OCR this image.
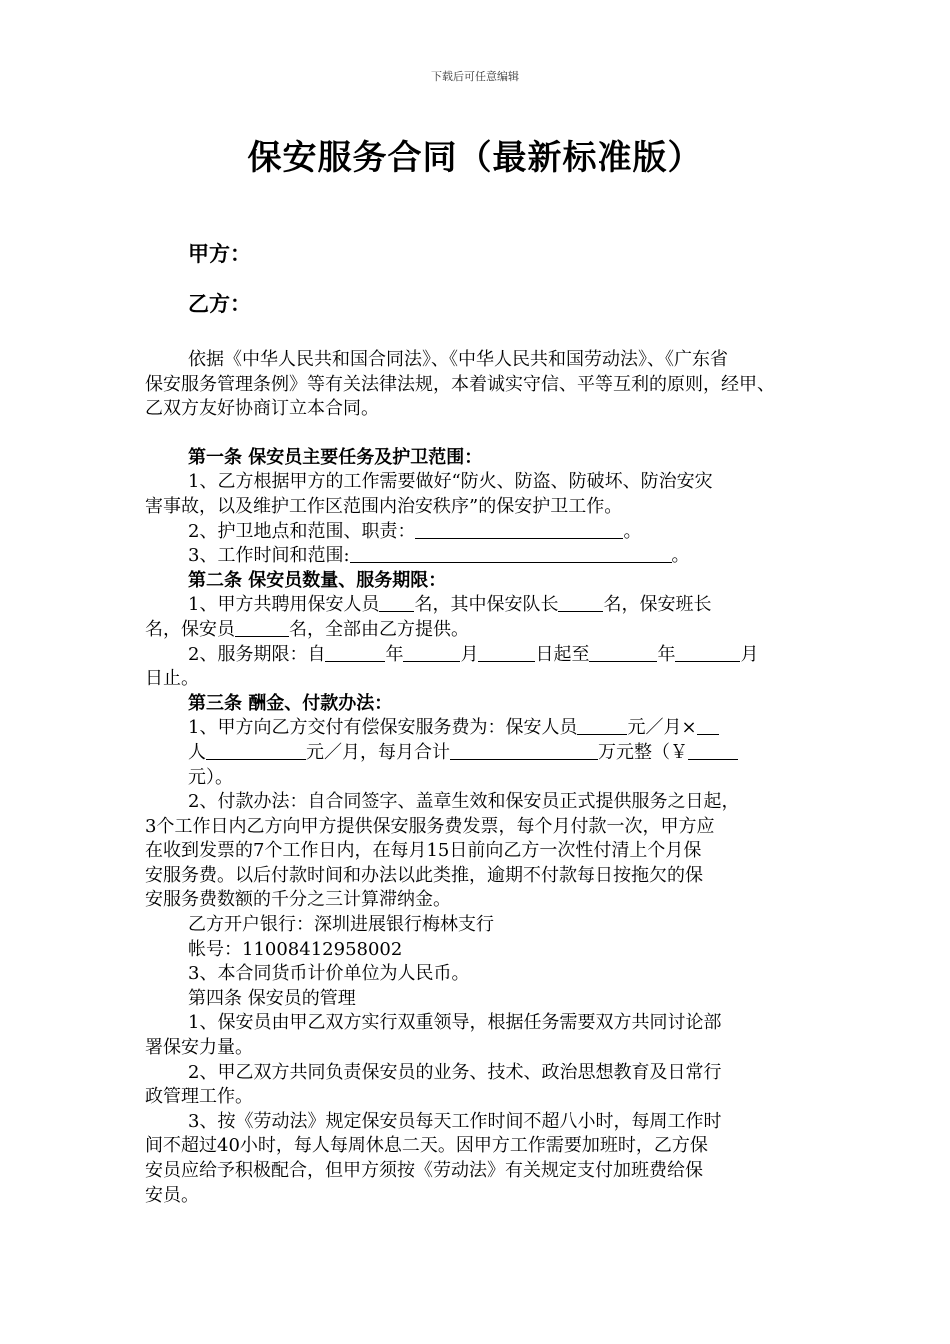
下载后可任意编辑
保安服务合同（最新标准版）
甲方：
乙方：

依据《中华人民共和国合同法》、《中华人民共和国劳动法》、《广东省

保安服务管理条例》等有关法律法规，本着诚实守信、平等互利的原则，经甲、

乙双方友好协商订立本合同。

第一条 保安员主要任务及护卫范围：

1、乙方根据甲方的工作需要做好“防火、防盗、防破坏、防治安灾

害事故，以及维护工作区范围内治安秩序”的保安护卫工作。

2、护卫地点和范围、职责：	。

3、工作时间和范围:	。

第二条 保安员数量、服务期限：

1、甲方共聘用保安人员 名，其中保安队长	名，保安班长

名，保安员	名，全部由乙方提供。

2、服务期限：自	年	月	日起至	年	月

日止。

第三条 酬金、付款办法：

1、甲方向乙方交付有偿保安服务费为：保安人员	元／月×

人	元／月，每月合计	万元整（￥

元）。

2、付款办法：自合同签字、盖章生效和保安员正式提供服务之日起，

3个工作日内乙方向甲方提供保安服务费发票，每个月付款一次，甲方应

在收到发票的7个工作日内，在每月15日前向乙方一次性付清上个月保

安服务费。以后付款时间和办法以此类推，逾期不付款每日按拖欠的保

安服务费数额的千分之三计算滞纳金。

乙方开户银行：深圳进展银行梅林支行

帐号：11008412958002

3、本合同货币计价单位为人民币。

第四条 保安员的管理

1、保安员由甲乙双方实行双重领导，根据任务需要双方共同讨论部

署保安力量。

2、甲乙双方共同负责保安员的业务、技术、政治思想教育及日常行

政管理工作。

3、按《劳动法》规定保安员每天工作时间不超八小时，每周工作时

间不超过40小时，每人每周休息二天。因甲方工作需要加班时，乙方保

安员应给予积极配合，但甲方须按《劳动法》有关规定支付加班费给保

安员。
